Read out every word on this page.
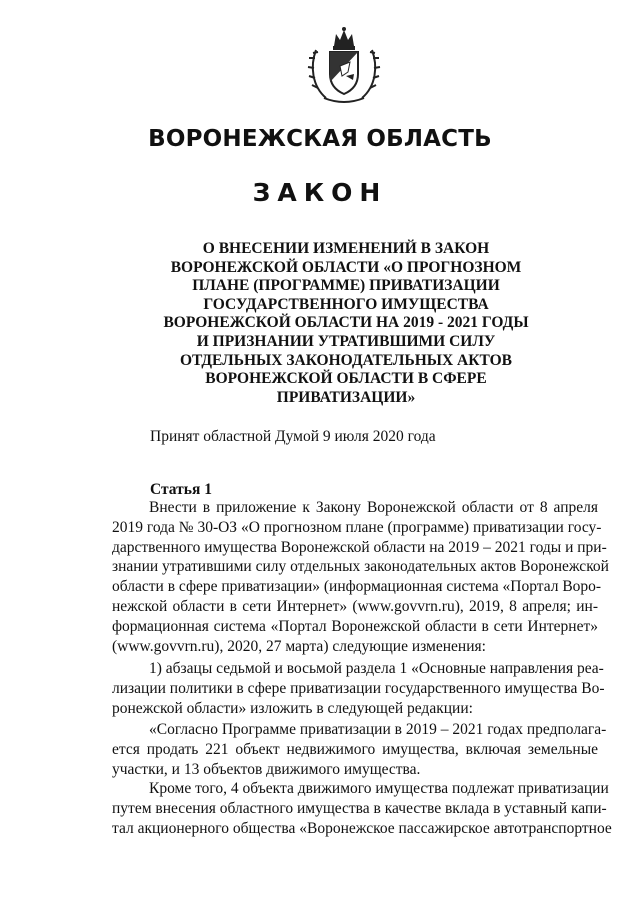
ВОРОНЕЖСКАЯ ОБЛАСТЬ
ЗАКОН
О ВНЕСЕНИИ ИЗМЕНЕНИЙ В ЗАКОН
ВОРОНЕЖСКОЙ ОБЛАСТИ «О ПРОГНОЗНОМ
ПЛАНЕ (ПРОГРАММЕ) ПРИВАТИЗАЦИИ
ГОСУДАРСТВЕННОГО ИМУЩЕСТВА
ВОРОНЕЖСКОЙ ОБЛАСТИ НА 2019 - 2021 ГОДЫ
И ПРИЗНАНИИ УТРАТИВШИМИ СИЛУ
ОТДЕЛЬНЫХ ЗАКОНОДАТЕЛЬНЫХ АКТОВ
ВОРОНЕЖСКОЙ ОБЛАСТИ В СФЕРЕ
ПРИВАТИЗАЦИИ»
Принят областной Думой 9 июля 2020 года
Статья 1
Внести в приложение к Закону Воронежской области от 8 апреля
2019 года № 30-ОЗ «О прогнозном плане (программе) приватизации госу-
дарственного имущества Воронежской области на 2019 – 2021 годы и при-
знании утратившими силу отдельных законодательных актов Воронежской
области в сфере приватизации» (информационная система «Портал Воро-
нежской области в сети Интернет» (www.govvrn.ru), 2019, 8 апреля; ин-
формационная система «Портал Воронежской области в сети Интернет»
(www.govvrn.ru), 2020, 27 марта) следующие изменения:
1) абзацы седьмой и восьмой раздела 1 «Основные направления реа-
лизации политики в сфере приватизации государственного имущества Во-
ронежской области» изложить в следующей редакции:
«Согласно Программе приватизации в 2019 – 2021 годах предполага-
ется продать 221 объект недвижимого имущества, включая земельные
участки, и 13 объектов движимого имущества.
Кроме того, 4 объекта движимого имущества подлежат приватизации
путем внесения областного имущества в качестве вклада в уставный капи-
тал акционерного общества «Воронежское пассажирское автотранспортное
